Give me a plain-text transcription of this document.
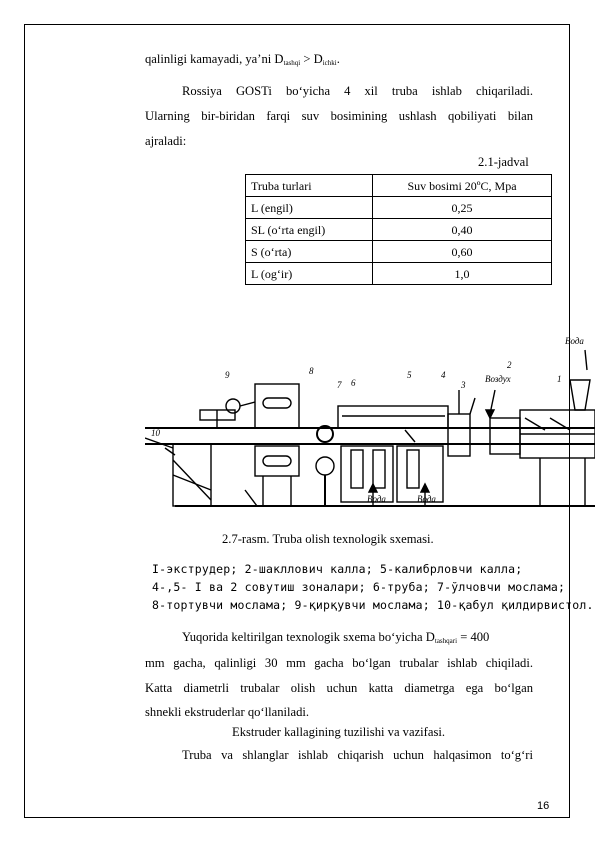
qalinligi kamayadi, ya’ni $D_{tashqi} > D_{ichki}$.
Rossiya GOSTi bo‘yicha 4 xil truba ishlab chiqariladi.
Ularning bir-biridan farqi suv bosimining ushlash qobiliyati bilan
ajraladi:
2.1-jadval
Truba turlari	Suv bosimi 20ºC, Mpa
L (engil)	0,25
SL (o‘rta engil)	0,40
S (o‘rta)	0,60
L (og‘ir)	1,0
1
2
3
4
5
6
7
8
9
10
Вода
Воздух
Вода	Вода
2.7-rasm. Truba olish texnologik sxemasi.
I-экструдер; 2-шакллович калла; 5-калибрловчи калла;
4-,5- I ва 2 совутиш зоналари; 6-труба; 7-ўлчовчи мослама;
8-тортувчи мослама; 9-қирқувчи мослама; 10-қабул қилдирвистол.
Yuqorida keltirilgan texnologik sxema bo‘yicha $D_{tashqari} = 400$
mm gacha, qalinligi 30 mm gacha bo‘lgan trubalar ishlab chiqiladi.
Katta diametrli trubalar olish uchun katta diametrga ega bo‘lgan
shnekli ekstruderlar qo‘llaniladi.
Ekstruder kallagining tuzilishi va vazifasi.
Truba va shlanglar ishlab chiqarish uchun halqasimon to‘g‘ri
16
